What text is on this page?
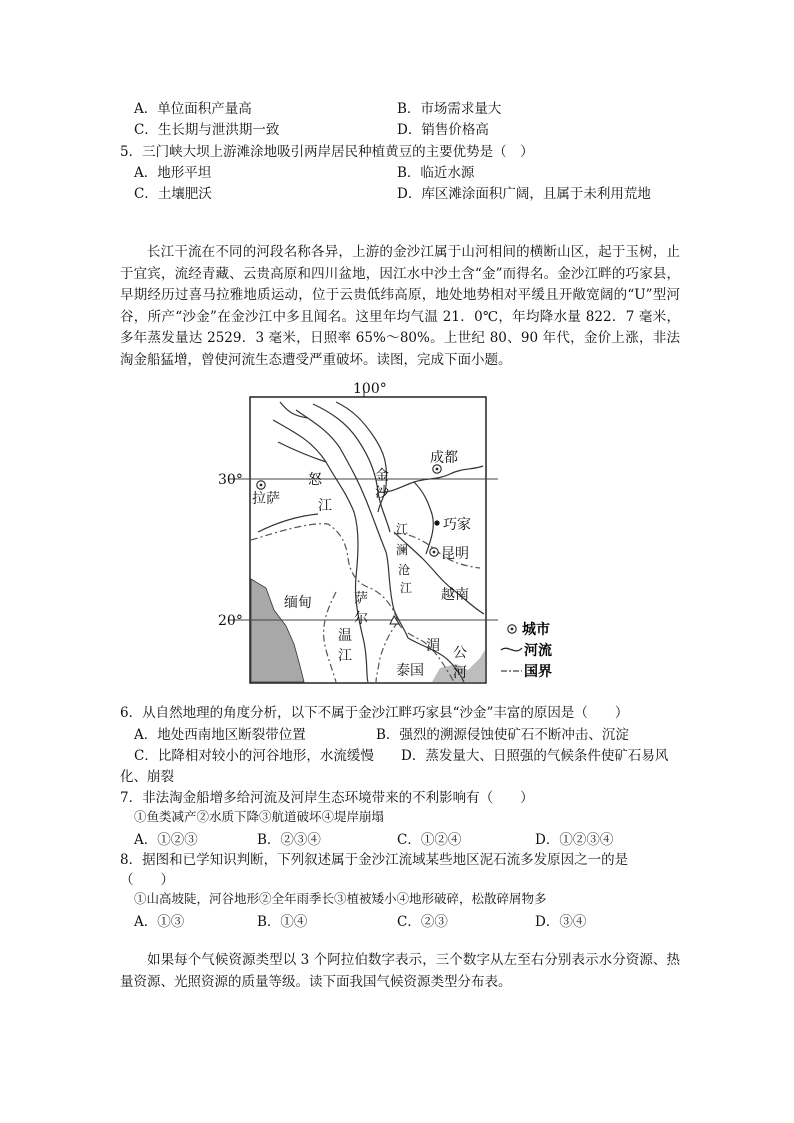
A．单位面积产量高	B．市场需求量大
C．生长期与泄洪期一致	D．销售价格高
5．三门峡大坝上游滩涂地吸引两岸居民种植黄豆的主要优势是（　）
A．地形平坦	B．临近水源
C．土壤肥沃	D．库区滩涂面积广阔，且属于未利用荒地
长江干流在不同的河段名称各异，上游的金沙江属于山河相间的横断山区，起于玉树，止于宜宾，流经青藏、云贵高原和四川盆地，因江水中沙土含“金”而得名。金沙江畔的巧家县，早期经历过喜马拉雅地质运动，位于云贵低纬高原，地处地势相对平缓且开敞宽阔的“U”型河谷，所产“沙金”在金沙江中多且闻名。这里年均气温 21．0℃，年均降水量 822．7 毫米，多年蒸发量达 2529．3 毫米，日照率 65%～80%。上世纪 80、90 年代，金价上涨，非法淘金船猛增，曾使河流生态遭受严重破坏。读图，完成下面小题。
100°
30°
20°
成都
拉萨
巧家
昆明
怒
江
金
沙
江
澜
沧
江
缅甸	越南
萨
尔
温
江
泰国
湄 公
河
城市
河流
国界
6．从自然地理的角度分析，以下不属于金沙江畔巧家县“沙金”丰富的原因是（　　）
A．地处西南地区断裂带位置	B．强烈的溯源侵蚀使矿石不断冲击、沉淀
C．比降相对较小的河谷地形，水流缓慢 D．蒸发量大、日照强的气候条件使矿石易风
化、崩裂
7．非法淘金船增多给河流及河岸生态环境带来的不利影响有（　　）
①鱼类减产②水质下降③航道破坏④堤岸崩塌
A．①②③	B．②③④	C．①②④	D．①②③④
8．据图和已学知识判断，下列叙述属于金沙江流域某些地区泥石流多发原因之一的是
（　　）
①山高坡陡，河谷地形②全年雨季长③植被矮小④地形破碎，松散碎屑物多
A．①③	B．①④	C．②③	D．③④
如果每个气候资源类型以 3 个阿拉伯数字表示，三个数字从左至右分别表示水分资源、热量资源、光照资源的质量等级。读下面我国气候资源类型分布表。
